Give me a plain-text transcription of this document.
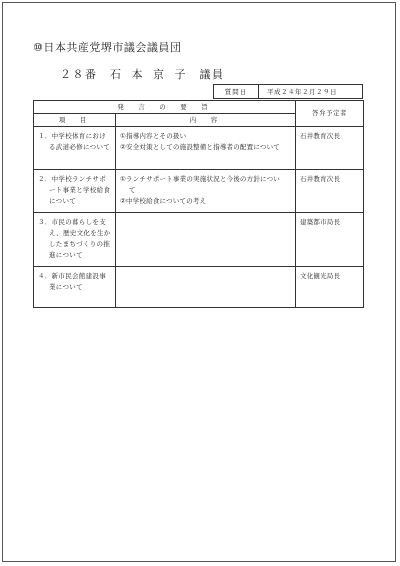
⑩日本共産党堺市議会議員団
２８番　石 本 京 子　議員
質問日	平成２４年２月２９日
発　言　の　要　旨		答弁予定者
項　目	内　容	

１．中学校体育におけ
る武道必修について	①指導内容とその扱い
②安全対策としての施設整備と指導者の配置について	石井教育次長

２．中学校ランチサポ
ート事業と学校給食
について	①ランチサポート事業の実施状況と今後の方針につい
て
②中学校給食についての考え	石井教育次長

３．市民の暮らしを支
え、歴史文化を生か
したまちづくりの推
進について		建築都市局長

４．新市民会館建設事
業について		文化観光局長
